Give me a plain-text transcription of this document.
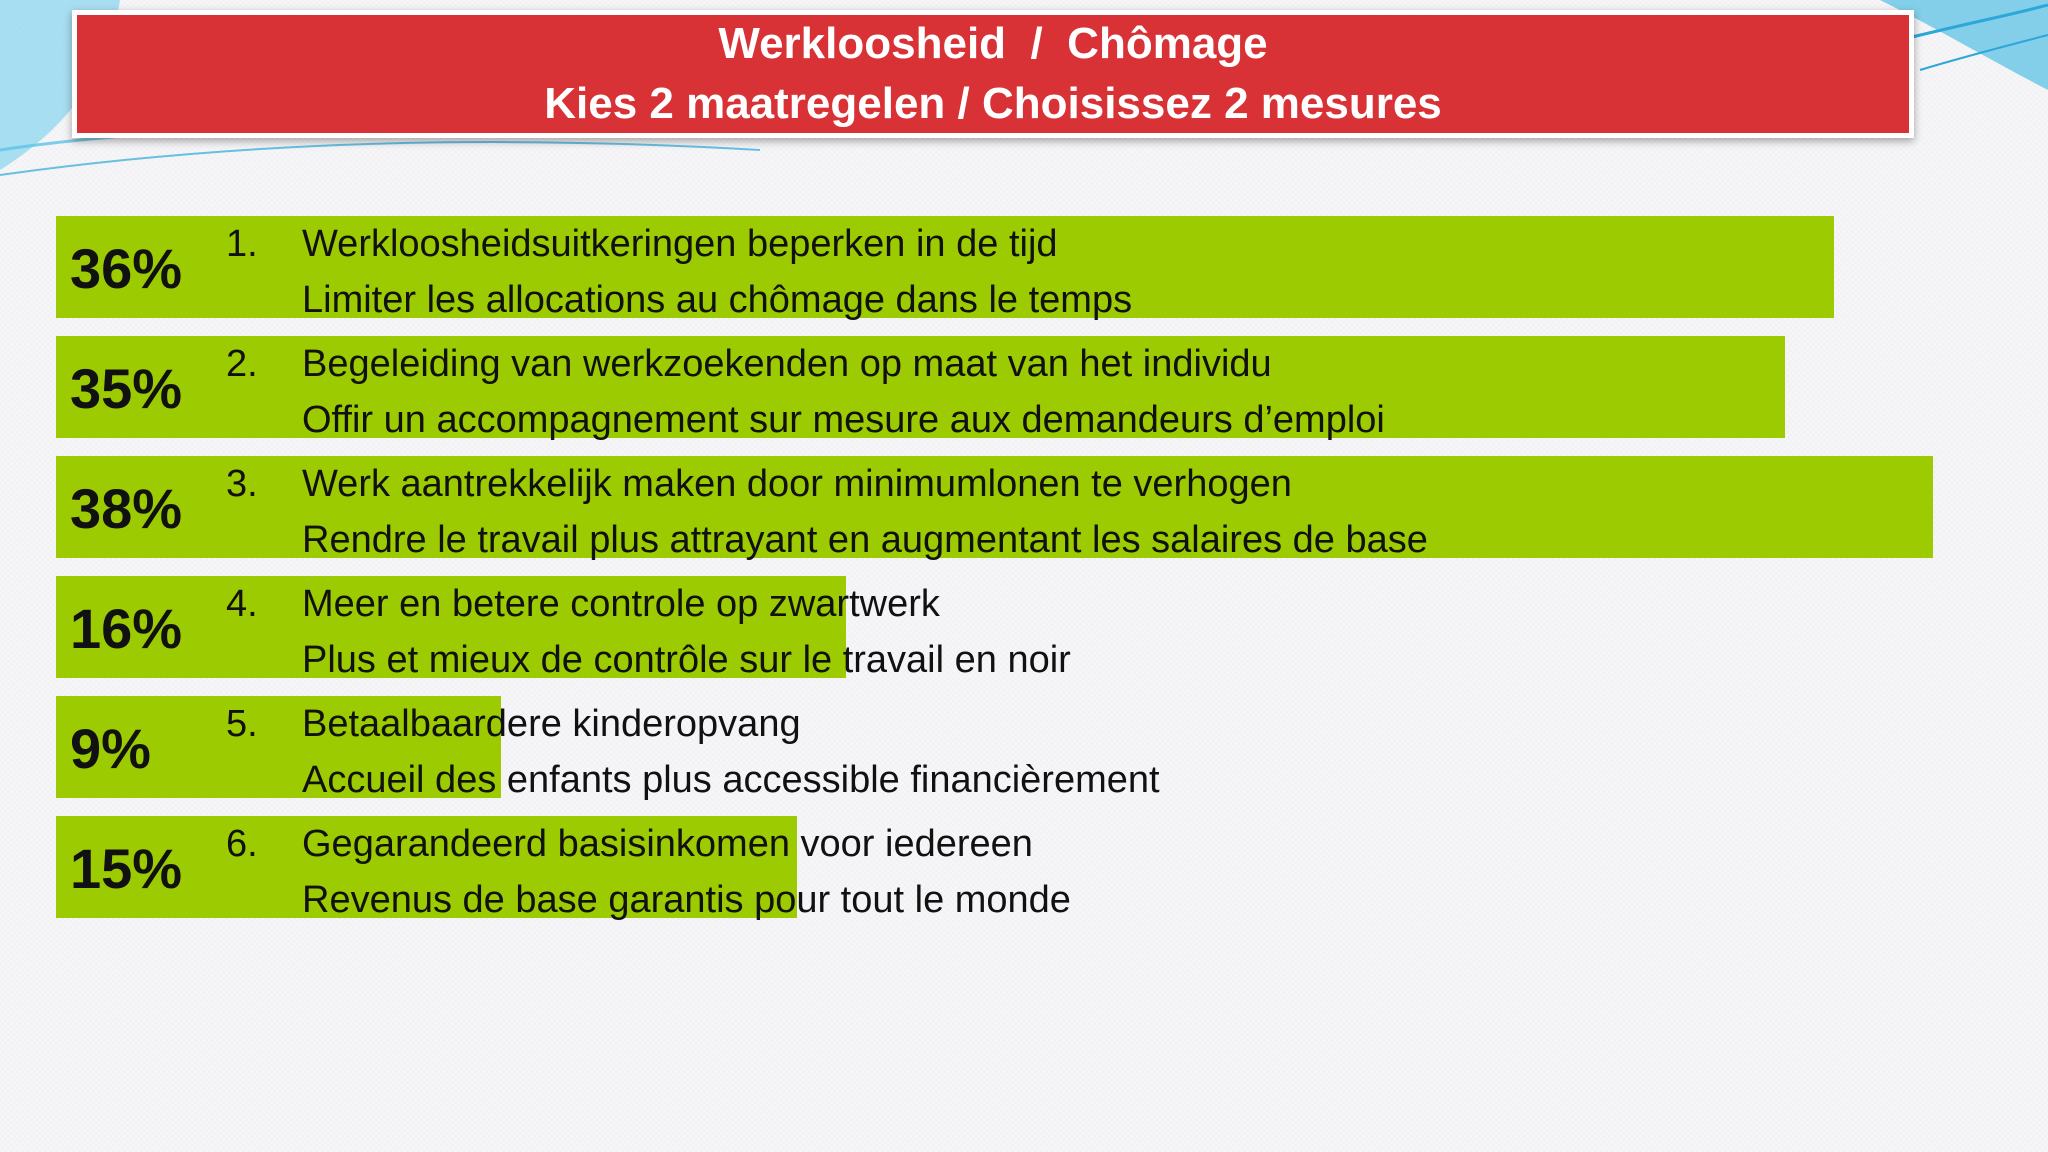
Werkloosheid  /  Chômage
Kies 2 maatregelen / Choisissez 2 mesures
36% 1. Werkloosheidsuitkeringen beperken in de tijd
Limiter les allocations au chômage dans le temps
35% 2. Begeleiding van werkzoekenden op maat van het individu
Offir un accompagnement sur mesure aux demandeurs d’emploi
38% 3. Werk aantrekkelijk maken door minimumlonen te verhogen
Rendre le travail plus attrayant en augmentant les salaires de base
16% 4. Meer en betere controle op zwartwerk
Plus et mieux de contrôle sur le travail en noir
9% 5. Betaalbaardere kinderopvang
Accueil des enfants plus accessible financièrement
15% 6. Gegarandeerd basisinkomen voor iedereen
Revenus de base garantis pour tout le monde
